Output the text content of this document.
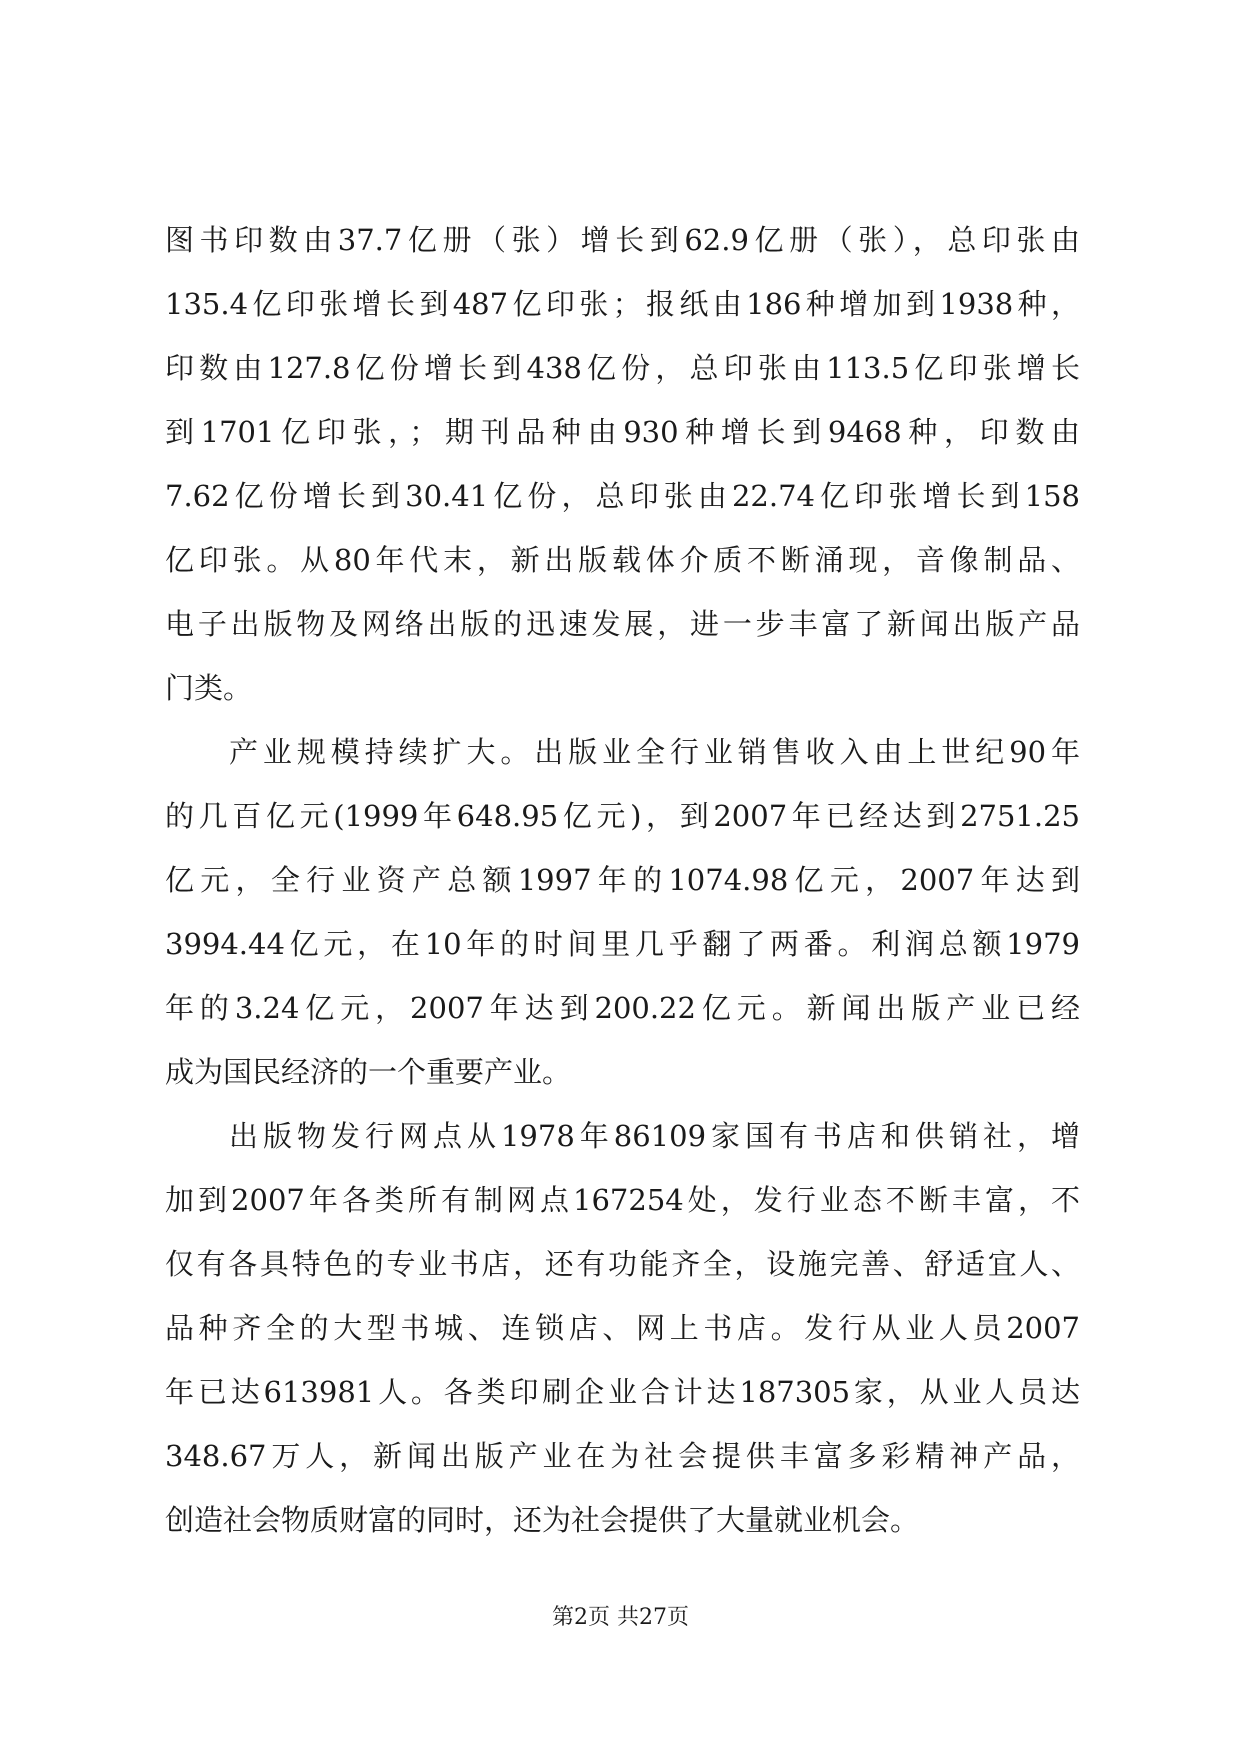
图书印数由37.7亿册（张）增长到62.9亿册（张），总印张由
135.4亿印张增长到487亿印张；报纸由186种增加到1938种，
印数由127.8亿份增长到438亿份，总印张由113.5亿印张增长
到1701亿印张，；期刊品种由930种增长到9468种，印数由
7.62亿份增长到30.41亿份，总印张由22.74亿印张增长到158
亿印张。从80年代末，新出版载体介质不断涌现，音像制品、
电子出版物及网络出版的迅速发展，进一步丰富了新闻出版产品
门类。
产业规模持续扩大。出版业全行业销售收入由上世纪90年
的几百亿元(1999年648.95亿元)，到2007年已经达到2751.25
亿元，全行业资产总额1997年的1074.98亿元，2007年达到
3994.44亿元，在10年的时间里几乎翻了两番。利润总额1979
年的3.24亿元，2007年达到200.22亿元。新闻出版产业已经
成为国民经济的一个重要产业。
出版物发行网点从1978年86109家国有书店和供销社，增
加到2007年各类所有制网点167254处，发行业态不断丰富，不
仅有各具特色的专业书店，还有功能齐全，设施完善、舒适宜人、
品种齐全的大型书城、连锁店、网上书店。发行从业人员2007
年已达613981人。各类印刷企业合计达187305家，从业人员达
348.67万人，新闻出版产业在为社会提供丰富多彩精神产品，
创造社会物质财富的同时，还为社会提供了大量就业机会。
第2页 共27页
